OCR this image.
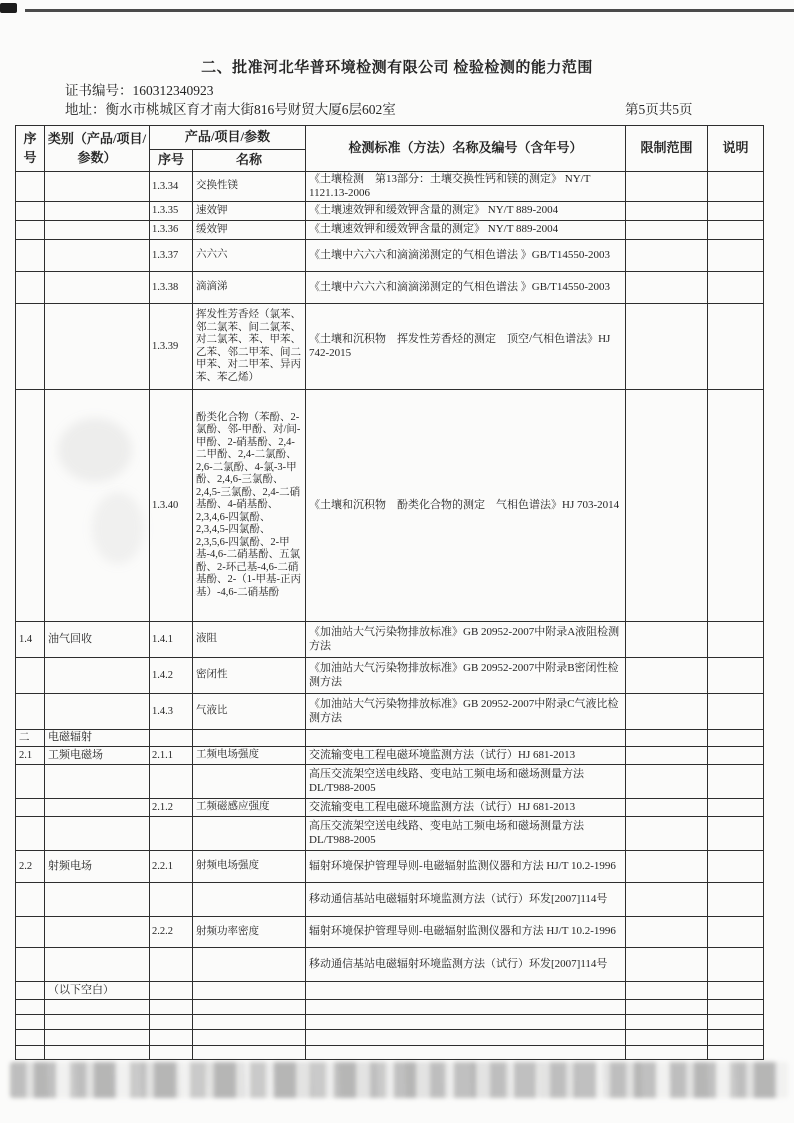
二、批准河北华普环境检测有限公司 检验检测的能力范围
证书编号：160312340923
地址：衡水市桃城区育才南大街816号财贸大厦6层602室	第5页共5页
序号	类别（产品/项目/参数）	产品/项目/参数		检测标准（方法）名称及编号（含年号）	限制范围	说明
		序号	名称			
		1.3.34	交换性镁	《土壤检测　第13部分：土壤交换性钙和镁的测定》 NY/T 1121.13-2006		
		1.3.35	速效钾	《土壤速效钾和缓效钾含量的测定》 NY/T 889-2004		
		1.3.36	缓效钾	《土壤速效钾和缓效钾含量的测定》 NY/T 889-2004		
		1.3.37	六六六	《土壤中六六六和滴滴涕测定的气相色谱法 》GB/T14550-2003		
		1.3.38	滴滴涕	《土壤中六六六和滴滴涕测定的气相色谱法 》GB/T14550-2003		
		1.3.39	挥发性芳香烃（氯苯、邻二氯苯、间二氯苯、对二氯苯、苯、甲苯、乙苯、邻二甲苯、间二甲苯、对二甲苯、异丙苯、苯乙烯）	《土壤和沉积物　挥发性芳香烃的测定　顶空/气相色谱法》HJ 742-2015		
		1.3.40	酚类化合物（苯酚、2-氯酚、邻-甲酚、对/间-甲酚、2-硝基酚、2,4-二甲酚、2,4-二氯酚、2,6-二氯酚、4-氯-3-甲酚、2,4,6-三氯酚、2,4,5-三氯酚、2,4-二硝基酚、4-硝基酚、2,3,4,6-四氯酚、2,3,4,5-四氯酚、2,3,5,6-四氯酚、2-甲基-4,6-二硝基酚、五氯酚、2-环己基-4,6-二硝基酚、2-（1-甲基-正丙基）-4,6-二硝基酚	《土壤和沉积物　酚类化合物的测定　气相色谱法》HJ 703-2014		
1.4	油气回收	1.4.1	液阻	《加油站大气污染物排放标准》GB 20952-2007中附录A液阻检测方法		
		1.4.2	密闭性	《加油站大气污染物排放标准》GB 20952-2007中附录B密闭性检测方法		
		1.4.3	气液比	《加油站大气污染物排放标准》GB 20952-2007中附录C气液比检测方法		
二	电磁辐射					
2.1	工频电磁场	2.1.1	工频电场强度	交流输变电工程电磁环境监测方法（试行）HJ 681-2013		
				高压交流架空送电线路、变电站工频电场和磁场测量方法 DL/T988-2005		
		2.1.2	工频磁感应强度	交流输变电工程电磁环境监测方法（试行）HJ 681-2013		
				高压交流架空送电线路、变电站工频电场和磁场测量方法 DL/T988-2005		
2.2	射频电场	2.2.1	射频电场强度	辐射环境保护管理导则-电磁辐射监测仪器和方法 HJ/T 10.2-1996		
				移动通信基站电磁辐射环境监测方法（试行）环发[2007]114号		
		2.2.2	射频功率密度	辐射环境保护管理导则-电磁辐射监测仪器和方法 HJ/T 10.2-1996		
				移动通信基站电磁辐射环境监测方法（试行）环发[2007]114号		
	（以下空白）					
